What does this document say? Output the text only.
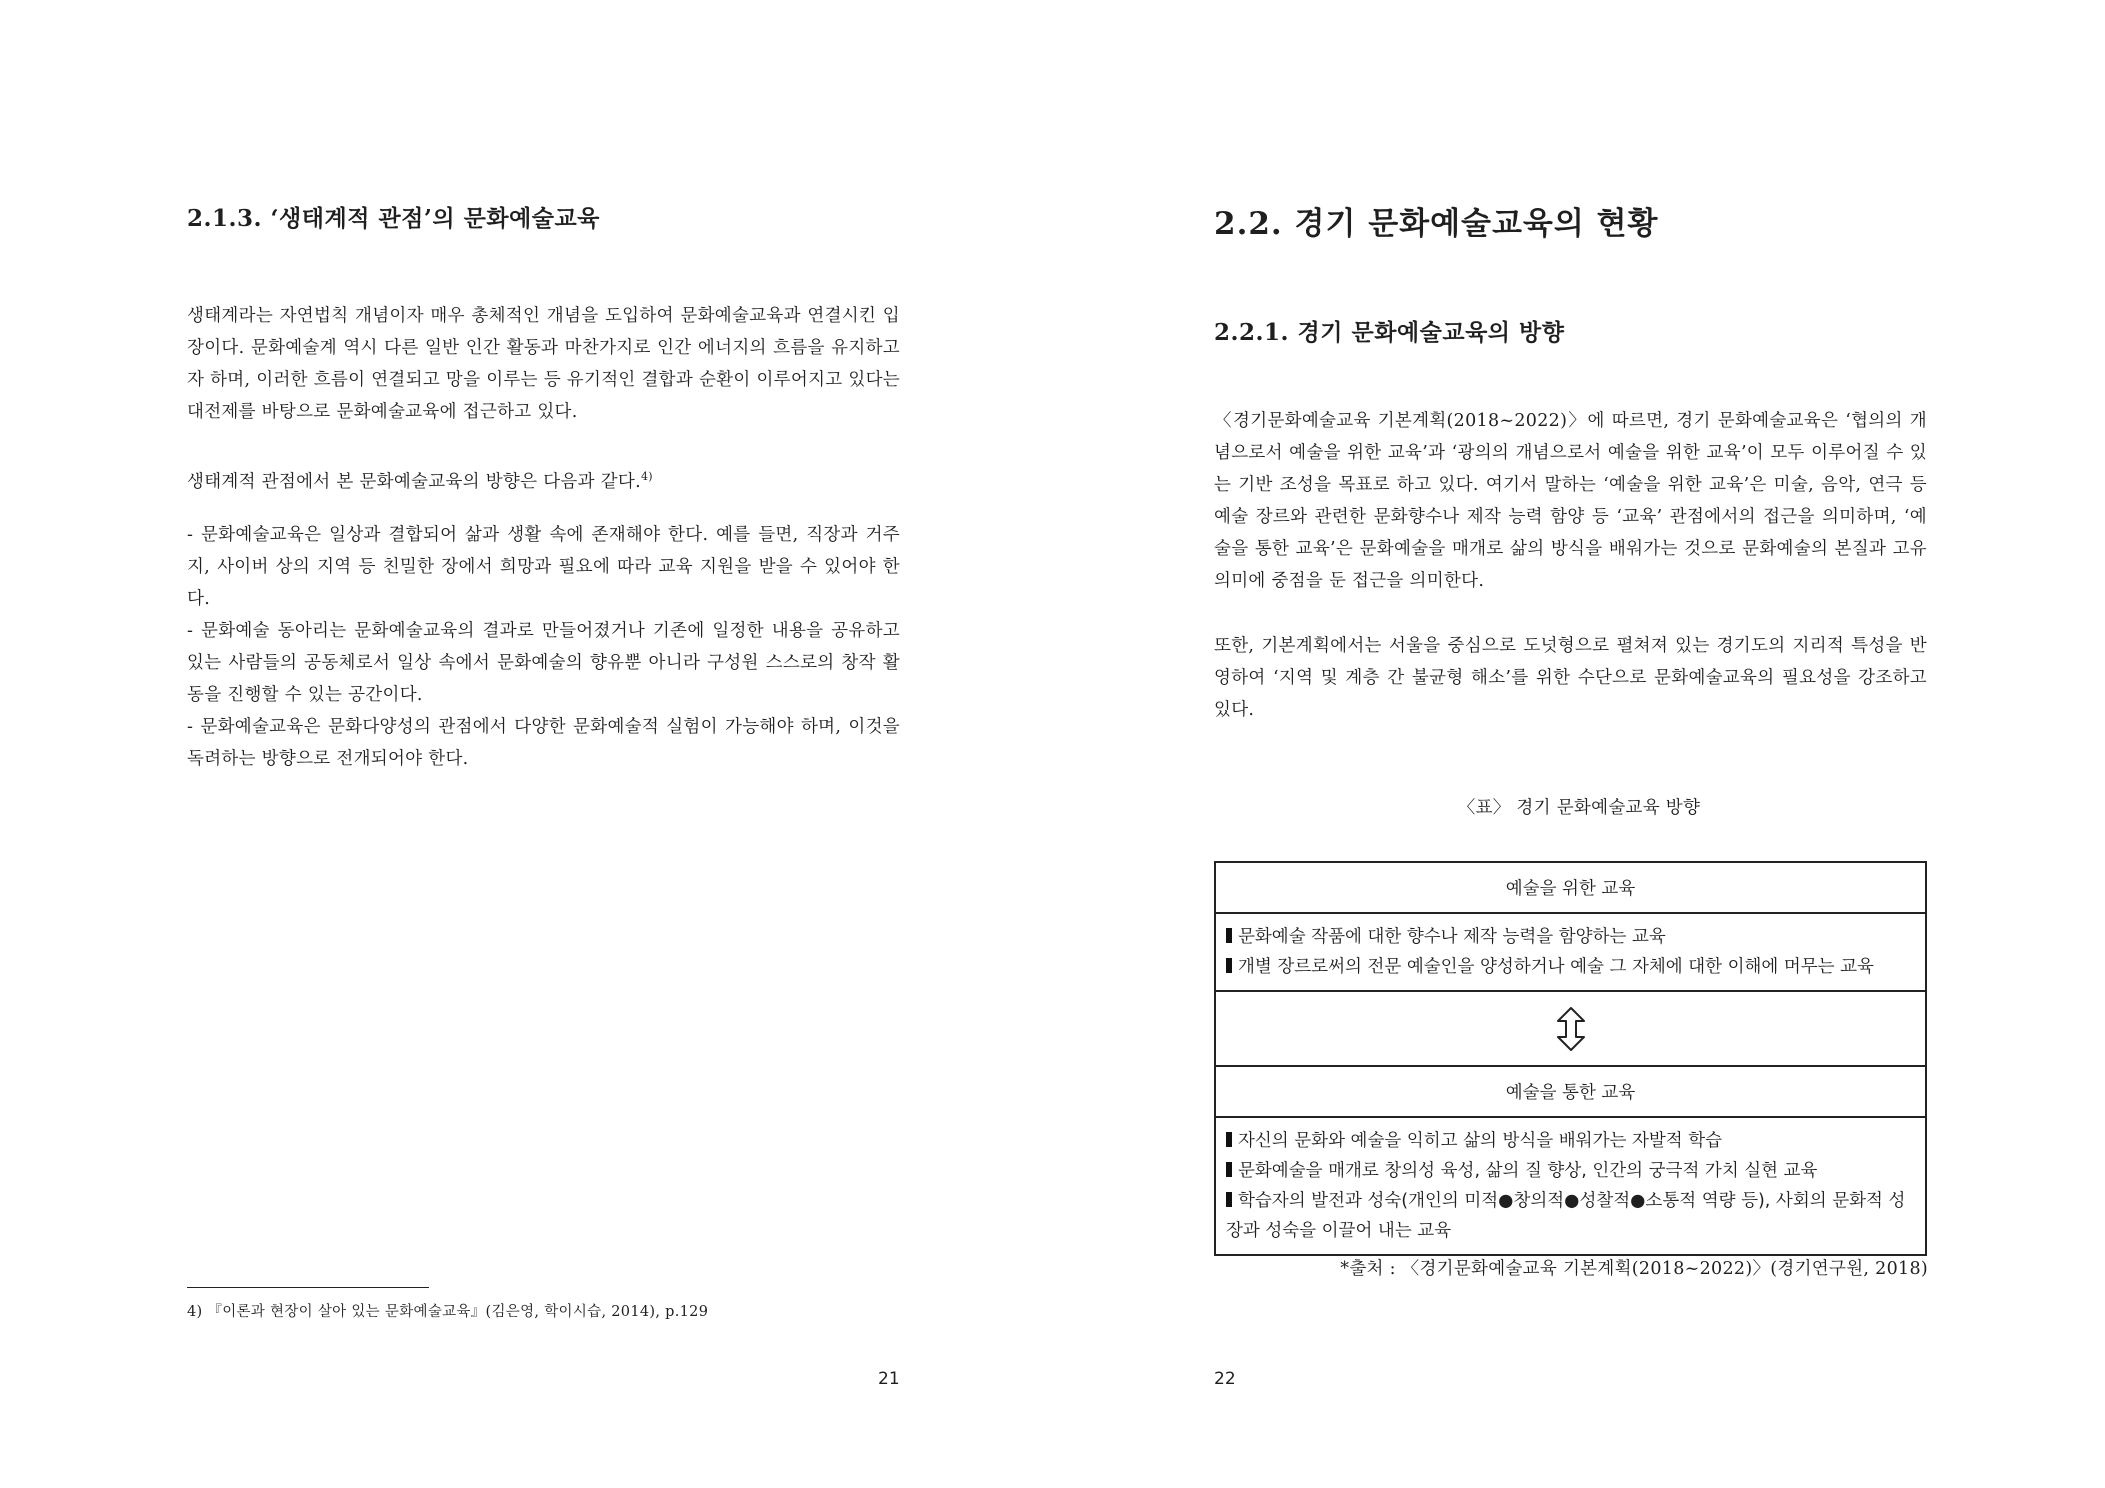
2.1.3. ‘생태계적 관점’의 문화예술교육

생태계라는 자연법칙 개념이자 매우 총체적인 개념을 도입하여 문화예술교육과 연결시킨 입장이다. 문화예술계 역시 다른 일반 인간 활동과 마찬가지로 인간 에너지의 흐름을 유지하고자 하며, 이러한 흐름이 연결되고 망을 이루는 등 유기적인 결합과 순환이 이루어지고 있다는 대전제를 바탕으로 문화예술교육에 접근하고 있다.

생태계적 관점에서 본 문화예술교육의 방향은 다음과 같다.$^{4)}$

- 문화예술교육은 일상과 결합되어 삶과 생활 속에 존재해야 한다. 예를 들면, 직장과 거주지, 사이버 상의 지역 등 친밀한 장에서 희망과 필요에 따라 교육 지원을 받을 수 있어야 한다.
- 문화예술 동아리는 문화예술교육의 결과로 만들어졌거나 기존에 일정한 내용을 공유하고 있는 사람들의 공동체로서 일상 속에서 문화예술의 향유뿐 아니라 구성원 스스로의 창작 활동을 진행할 수 있는 공간이다.
- 문화예술교육은 문화다양성의 관점에서 다양한 문화예술적 실험이 가능해야 하며, 이것을 독려하는 방향으로 전개되어야 한다.
4) 『이론과 현장이 살아 있는 문화예술교육』(김은영, 학이시습, 2014), p.129
21
2.2. 경기 문화예술교육의 현황
2.2.1. 경기 문화예술교육의 방향

〈경기문화예술교육 기본계획(2018~2022)〉에 따르면, 경기 문화예술교육은 ‘협의의 개념으로서 예술을 위한 교육’과 ‘광의의 개념으로서 예술을 위한 교육’이 모두 이루어질 수 있는 기반 조성을 목표로 하고 있다. 여기서 말하는 ‘예술을 위한 교육’은 미술, 음악, 연극 등 예술 장르와 관련한 문화향수나 제작 능력 함양 등 ‘교육’ 관점에서의 접근을 의미하며, ‘예술을 통한 교육’은 문화예술을 매개로 삶의 방식을 배워가는 것으로 문화예술의 본질과 고유 의미에 중점을 둔 접근을 의미한다.

또한, 기본계획에서는 서울을 중심으로 도넛형으로 펼쳐져 있는 경기도의 지리적 특성을 반영하여 ‘지역 및 계층 간 불균형 해소’를 위한 수단으로 문화예술교육의 필요성을 강조하고 있다.

〈표〉 경기 문화예술교육 방향
예술을 위한 교육

문화예술 작품에 대한 향수나 제작 능력을 함양하는 교육

개별 장르로써의 전문 예술인을 양성하거나 예술 그 자체에 대한 이해에 머무는 교육

예술을 통한 교육

자신의 문화와 예술을 익히고 삶의 방식을 배워가는 자발적 학습

문화예술을 매개로 창의성 육성, 삶의 질 향상, 인간의 궁극적 가치 실현 교육

학습자의 발전과 성숙(개인의 미적●창의적●성찰적●소통적 역량 등), 사회의 문화적 성장과 성숙을 이끌어 내는 교육

*출처 : 〈경기문화예술교육 기본계획(2018~2022)〉(경기연구원, 2018)
22
